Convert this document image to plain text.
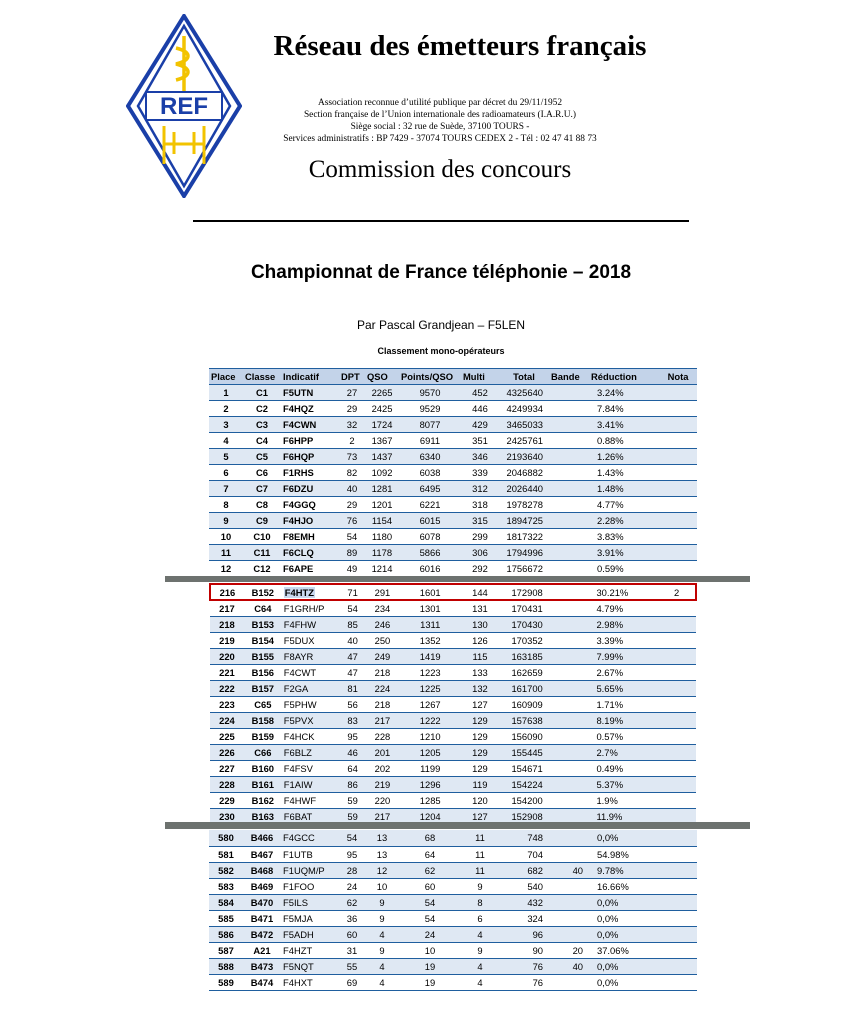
REF
Réseau des émetteurs français
Association reconnue d’utilité publique par décret du 29/11/1952
Section française de l’Union internationale des radioamateurs (I.A.R.U.)
Siège social : 32 rue de Suède, 37100 TOURS -
Services administratifs : BP 7429 - 37074 TOURS CEDEX 2 - Tél : 02 47 41 88 73
Commission des concours
Championnat de France téléphonie – 2018
Par Pascal Grandjean – F5LEN
Classement mono-opérateurs
Place	Classe	Indicatif	DPT	QSO	Points/QSO	Multi	Total	Bande	Réduction	Nota
1	C1	F5UTN	27	2265	9570	452	4325640		3.24%	
2	C2	F4HQZ	29	2425	9529	446	4249934		7.84%	
3	C3	F4CWN	32	1724	8077	429	3465033		3.41%	
4	C4	F6HPP	2	1367	6911	351	2425761		0.88%	
5	C5	F6HQP	73	1437	6340	346	2193640		1.26%	
6	C6	F1RHS	82	1092	6038	339	2046882		1.43%	
7	C7	F6DZU	40	1281	6495	312	2026440		1.48%	
8	C8	F4GGQ	29	1201	6221	318	1978278		4.77%	
9	C9	F4HJO	76	1154	6015	315	1894725		2.28%	
10	C10	F8EMH	54	1180	6078	299	1817322		3.83%	
11	C11	F6CLQ	89	1178	5866	306	1794996		3.91%	
12	C12	F6APE	49	1214	6016	292	1756672		0.59%	
216	B152	F4HTZ	71	291	1601	144	172908		30.21%	2
217	C64	F1GRH/P	54	234	1301	131	170431		4.79%	
218	B153	F4FHW	85	246	1311	130	170430		2.98%	
219	B154	F5DUX	40	250	1352	126	170352		3.39%	
220	B155	F8AYR	47	249	1419	115	163185		7.99%	
221	B156	F4CWT	47	218	1223	133	162659		2.67%	
222	B157	F2GA	81	224	1225	132	161700		5.65%	
223	C65	F5PHW	56	218	1267	127	160909		1.71%	
224	B158	F5PVX	83	217	1222	129	157638		8.19%	
225	B159	F4HCK	95	228	1210	129	156090		0.57%	
226	C66	F6BLZ	46	201	1205	129	155445		2.7%	
227	B160	F4FSV	64	202	1199	129	154671		0.49%	
228	B161	F1AIW	86	219	1296	119	154224		5.37%	
229	B162	F4HWF	59	220	1285	120	154200		1.9%	
230	B163	F6BAT	59	217	1204	127	152908		11.9%	
580	B466	F4GCC	54	13	68	11	748		0,0%	
581	B467	F1UTB	95	13	64	11	704		54.98%	
582	B468	F1UQM/P	28	12	62	11	682	40	9.78%	
583	B469	F1FOO	24	10	60	9	540		16.66%	
584	B470	F5ILS	62	9	54	8	432		0,0%	
585	B471	F5MJA	36	9	54	6	324		0,0%	
586	B472	F5ADH	60	4	24	4	96		0,0%	
587	A21	F4HZT	31	9	10	9	90	20	37.06%	
588	B473	F5NQT	55	4	19	4	76	40	0,0%	
589	B474	F4HXT	69	4	19	4	76		0,0%	
